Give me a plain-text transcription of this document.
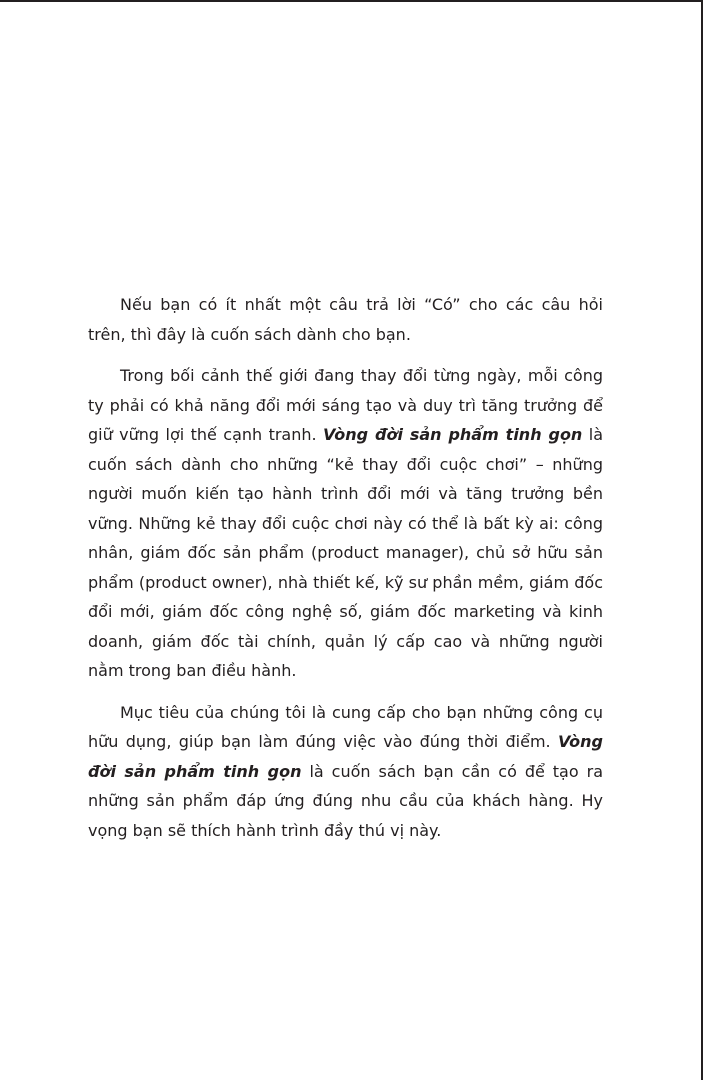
Nếu bạn có ít nhất một câu trả lời “Có” cho các câu hỏi trên, thì đây là cuốn sách dành cho bạn.

Trong bối cảnh thế giới đang thay đổi từng ngày, mỗi công ty phải có khả năng đổi mới sáng tạo và duy trì tăng trưởng để giữ vững lợi thế cạnh tranh. Vòng đời sản phẩm tinh gọn là cuốn sách dành cho những “kẻ thay đổi cuộc chơi” – những người muốn kiến tạo hành trình đổi mới và tăng trưởng bền vững. Những kẻ thay đổi cuộc chơi này có thể là bất kỳ ai: công nhân, giám đốc sản phẩm (product manager), chủ sở hữu sản phẩm (product owner), nhà thiết kế, kỹ sư phần mềm, giám đốc đổi mới, giám đốc công nghệ số, giám đốc marketing và kinh doanh, giám đốc tài chính, quản lý cấp cao và những người nằm trong ban điều hành.

Mục tiêu của chúng tôi là cung cấp cho bạn những công cụ hữu dụng, giúp bạn làm đúng việc vào đúng thời điểm. Vòng đời sản phẩm tinh gọn là cuốn sách bạn cần có để tạo ra những sản phẩm đáp ứng đúng nhu cầu của khách hàng. Hy vọng bạn sẽ thích hành trình đầy thú vị này.
